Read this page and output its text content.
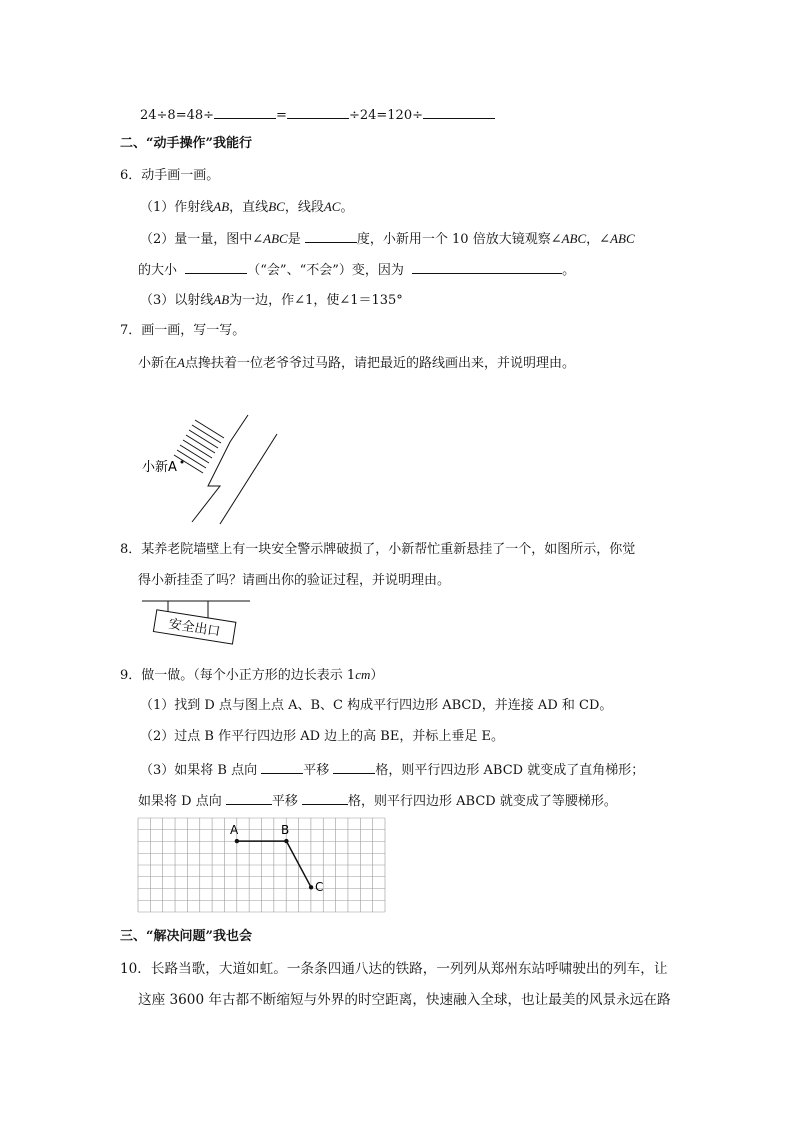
24÷8=48÷	=	÷24=120÷
二、“动手操作”我能行
6．动手画一画。
（1）作射线AB，直线BC，线段AC。
（2）量一量，图中∠ABC是	度，小新用一个 10 倍放大镜观察∠ABC，∠ABC
的大小	（“会”、“不会”）变，因为	。
（3）以射线AB为一边，作∠1，使∠1＝135°
7．画一画，写一写。
小新在A点搀扶着一位老爷爷过马路，请把最近的路线画出来，并说明理由。
小新A
8．某养老院墙壁上有一块安全警示牌破损了，小新帮忙重新悬挂了一个，如图所示，你觉
得小新挂歪了吗？请画出你的验证过程，并说明理由。
安全出口
9．做一做。（每个小正方形的边长表示 1cm）
（1）找到 D 点与图上点 A、B、C 构成平行四边形 ABCD，并连接 AD 和 CD。
（2）过点 B 作平行四边形 AD 边上的高 BE，并标上垂足 E。
（3）如果将 B 点向	平移	格，则平行四边形 ABCD 就变成了直角梯形；
如果将 D 点向	平移	格，则平行四边形 ABCD 就变成了等腰梯形。
A	B
C
三、“解决问题”我也会
10．长路当歌，大道如虹。一条条四通八达的铁路，一列列从郑州东站呼啸驶出的列车，让
这座 3600 年古都不断缩短与外界的时空距离，快速融入全球，也让最美的风景永远在路
